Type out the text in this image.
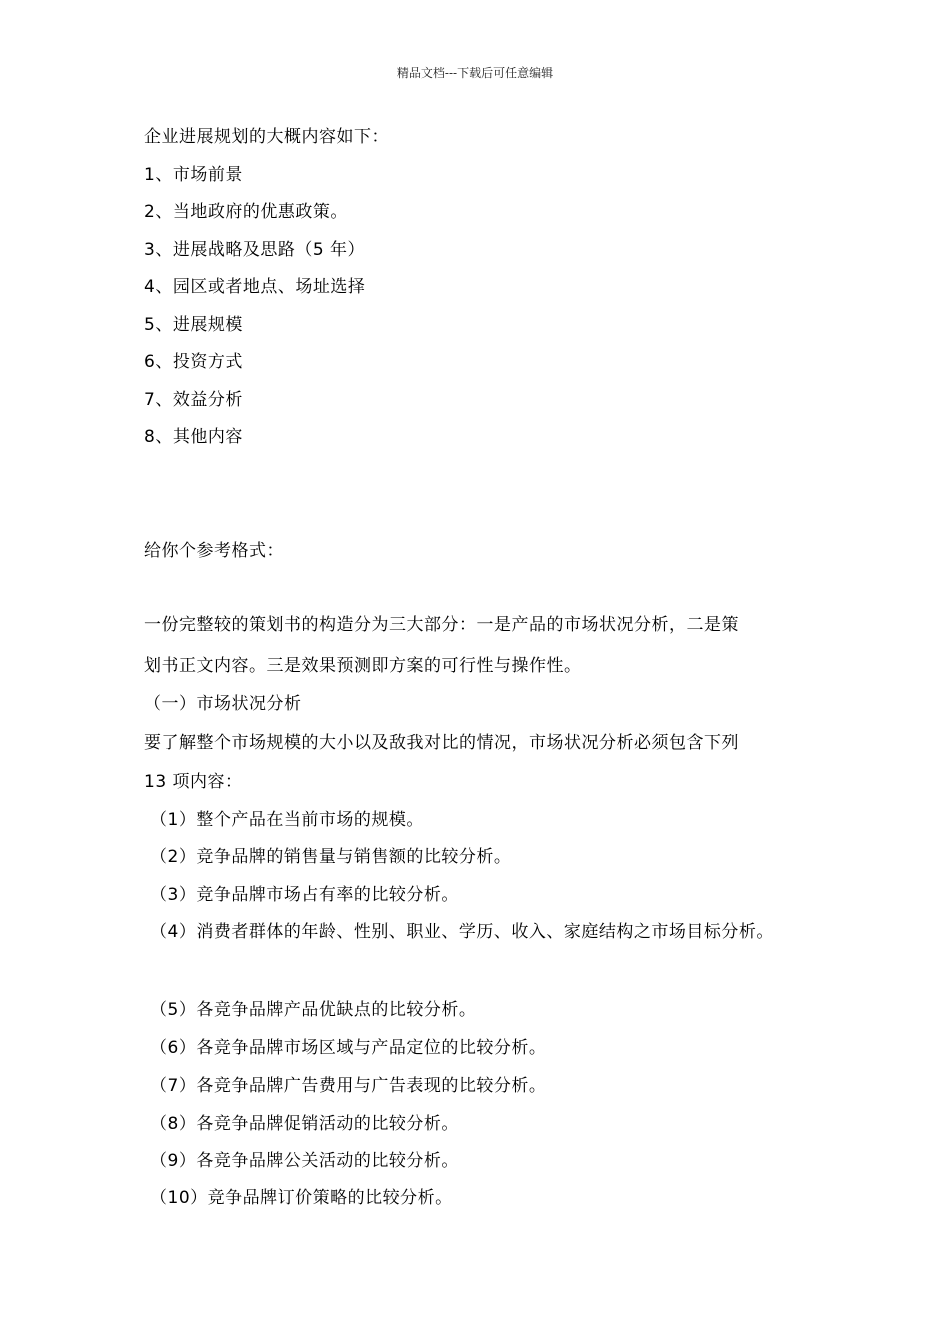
精品文档---下载后可任意编辑
企业进展规划的大概内容如下：
1、市场前景
2、当地政府的优惠政策。
3、进展战略及思路（5 年）
4、园区或者地点、场址选择
5、进展规模
6、投资方式
7、效益分析
8、其他内容
给你个参考格式：
一份完整较的策划书的构造分为三大部分：一是产品的市场状况分析，二是策
划书正文内容。三是效果预测即方案的可行性与操作性。
（一）市场状况分析
要了解整个市场规模的大小以及敌我对比的情况，市场状况分析必须包含下列
13 项内容：
（1）整个产品在当前市场的规模。
（2）竞争品牌的销售量与销售额的比较分析。
（3）竞争品牌市场占有率的比较分析。
（4）消费者群体的年龄、性别、职业、学历、收入、家庭结构之市场目标分析。
（5）各竞争品牌产品优缺点的比较分析。
（6）各竞争品牌市场区域与产品定位的比较分析。
（7）各竞争品牌广告费用与广告表现的比较分析。
（8）各竞争品牌促销活动的比较分析。
（9）各竞争品牌公关活动的比较分析。
（10）竞争品牌订价策略的比较分析。
